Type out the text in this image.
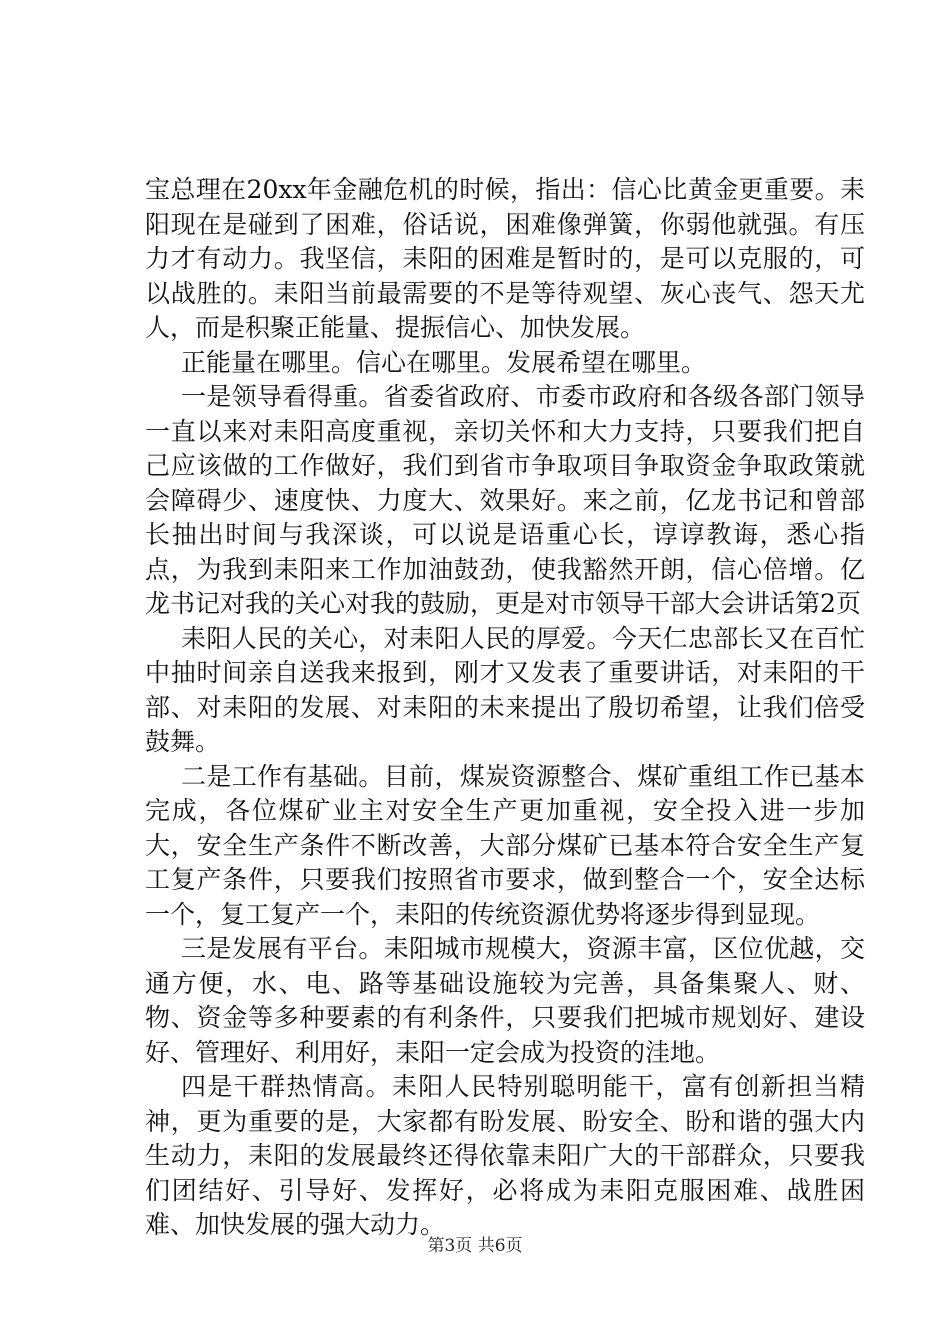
宝总理在20xx年金融危机的时候，指出：信心比黄金更重要。耒阳现在是碰到了困难，俗话说，困难像弹簧，你弱他就强。有压力才有动力。我坚信，耒阳的困难是暂时的，是可以克服的，可以战胜的。耒阳当前最需要的不是等待观望、灰心丧气、怨天尤人，而是积聚正能量、提振信心、加快发展。

正能量在哪里。信心在哪里。发展希望在哪里。

一是领导看得重。省委省政府、市委市政府和各级各部门领导一直以来对耒阳高度重视，亲切关怀和大力支持，只要我们把自己应该做的工作做好，我们到省市争取项目争取资金争取政策就会障碍少、速度快、力度大、效果好。来之前，亿龙书记和曾部长抽出时间与我深谈，可以说是语重心长，谆谆教诲，悉心指点，为我到耒阳来工作加油鼓劲，使我豁然开朗，信心倍增。亿龙书记对我的关心对我的鼓励，更是对市领导干部大会讲话第2页

耒阳人民的关心，对耒阳人民的厚爱。今天仁忠部长又在百忙中抽时间亲自送我来报到，刚才又发表了重要讲话，对耒阳的干部、对耒阳的发展、对耒阳的未来提出了殷切希望，让我们倍受鼓舞。

二是工作有基础。目前，煤炭资源整合、煤矿重组工作已基本完成，各位煤矿业主对安全生产更加重视，安全投入进一步加大，安全生产条件不断改善，大部分煤矿已基本符合安全生产复工复产条件，只要我们按照省市要求，做到整合一个，安全达标一个，复工复产一个，耒阳的传统资源优势将逐步得到显现。

三是发展有平台。耒阳城市规模大，资源丰富，区位优越，交通方便，水、电、路等基础设施较为完善，具备集聚人、财、物、资金等多种要素的有利条件，只要我们把城市规划好、建设好、管理好、利用好，耒阳一定会成为投资的洼地。

四是干群热情高。耒阳人民特别聪明能干，富有创新担当精神，更为重要的是，大家都有盼发展、盼安全、盼和谐的强大内生动力，耒阳的发展最终还得依靠耒阳广大的干部群众，只要我们团结好、引导好、发挥好，必将成为耒阳克服困难、战胜困难、加快发展的强大动力。

第3页 共6页
